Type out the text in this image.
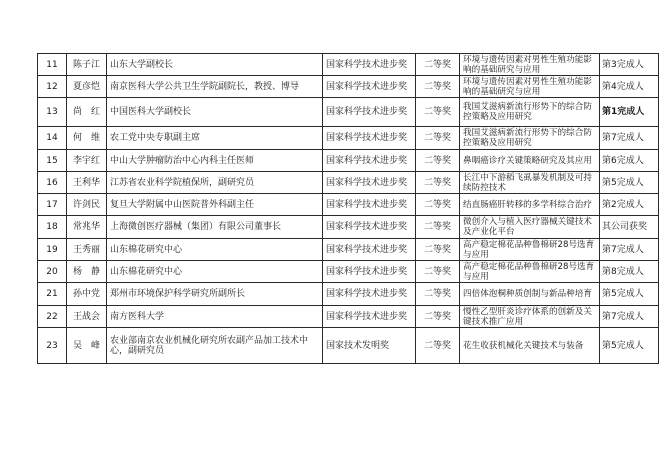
11	陈子江	山东大学副校长	国家科学技术进步奖	二等奖	环境与遗传因素对男性生殖功能影响的基础研究与应用	第3完成人
12	夏彦恺	南京医科大学公共卫生学院副院长，教授、博导	国家科学技术进步奖	二等奖	环境与遗传因素对男性生殖功能影响的基础研究与应用	第4完成人
13	尚　红	中国医科大学副校长	国家科学技术进步奖	二等奖	我国艾滋病新流行形势下的综合防控策略及应用研究	第1完成人
14	何　维	农工党中央专职副主席	国家科学技术进步奖	二等奖	我国艾滋病新流行形势下的综合防控策略及应用研究	第7完成人
15	李宇红	中山大学肿瘤防治中心内科主任医师	国家科学技术进步奖	二等奖	鼻咽癌诊疗关键策略研究及其应用	第6完成人
16	王利华	江苏省农业科学院植保所，副研究员	国家科学技术进步奖	二等奖	长江中下游稻飞虱暴发机制及可持续防控技术	第5完成人
17	许剑民	复旦大学附属中山医院普外科副主任	国家科学技术进步奖	二等奖	结直肠癌肝转移的多学科综合治疗	第2完成人
18	常兆华	上海微创医疗器械（集团）有限公司董事长	国家科学技术进步奖	二等奖	微创介入与植入医疗器械关键技术及产业化平台	其公司获奖
19	王秀丽	山东棉花研究中心	国家科学技术进步奖	二等奖	高产稳定棉花品种鲁棉研28号选育与应用	第7完成人
20	杨　静	山东棉花研究中心	国家科学技术进步奖	二等奖	高产稳定棉花品种鲁棉研28号选育与应用	第8完成人
21	孙中党	郑州市环境保护科学研究所副所长	国家科学技术进步奖	二等奖	四倍体泡桐种质创制与新品种培育	第5完成人
22	王战会	南方医科大学	国家科学技术进步奖	二等奖	慢性乙型肝炎诊疗体系的创新及关键技术推广应用	第7完成人
23	吴　峰	农业部南京农业机械化研究所农副产品加工技术中心，副研究员	国家技术发明奖	二等奖	花生收获机械化关键技术与装备	第5完成人
